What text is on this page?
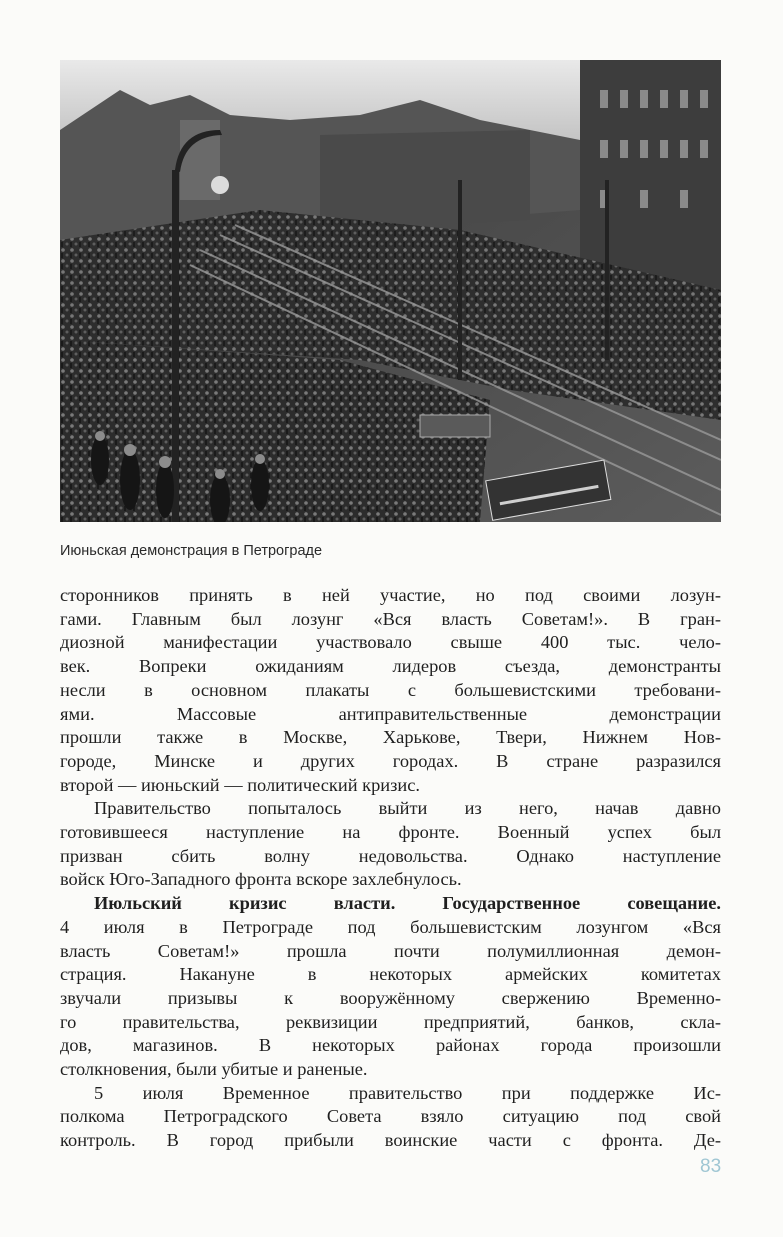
Июньская демонстрация в Петрограде

сторонников принять в ней участие, но под своими лозун-

гами. Главным был лозунг «Вся власть Советам!». В гран-

диозной манифестации участвовало свыше 400 тыс. чело-

век. Вопреки ожиданиям лидеров съезда, демонстранты

несли в основном плакаты с большевистскими требовани-

ями. Массовые антиправительственные демонстрации

прошли также в Москве, Харькове, Твери, Нижнем Нов-

городе, Минске и других городах. В стране разразился

второй — июньский — политический кризис.

Правительство попыталось выйти из него, начав давно

готовившееся наступление на фронте. Военный успех был

призван сбить волну недовольства. Однако наступление

войск Юго-Западного фронта вскоре захлебнулось.

Июльский кризис власти. Государственное совещание.

4 июля в Петрограде под большевистским лозунгом «Вся

власть Советам!» прошла почти полумиллионная демон-

страция. Накануне в некоторых армейских комитетах

звучали призывы к вооружённому свержению Временно-

го правительства, реквизиции предприятий, банков, скла-

дов, магазинов. В некоторых районах города произошли

столкновения, были убитые и раненые.

5 июля Временное правительство при поддержке Ис-

полкома Петроградского Совета взяло ситуацию под свой

контроль. В город прибыли воинские части с фронта. Де-

83
